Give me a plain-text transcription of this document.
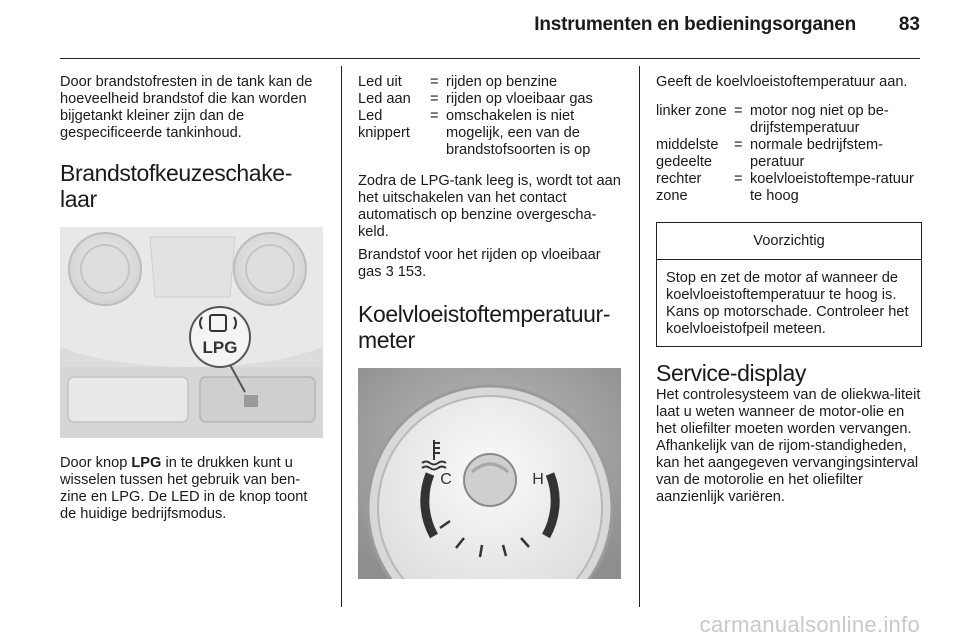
Instrumenten en bedieningsorganen 83

Door brandstofresten in de tank kan de hoeveelheid brandstof die kan worden bijgetankt kleiner zijn dan de gespecificeerde tankinhoud.

Brandstofkeuzeschake-
laar
LPG

Door knop LPG in te drukken kunt u wisselen tussen het gebruik van ben-zine en LPG. De LED in de knop toont de huidige bedrijfsmodus.

Led uit	= rijden op benzine
Led aan	= rijden op vloeibaar gas
Led knippert
= omschakelen is niet mogelijk, een van de brandstofsoorten is op

Zodra de LPG-tank leeg is, wordt tot aan het uitschakelen van het contact automatisch op benzine overgescha-keld.

Brandstof voor het rijden op vloeibaar gas 3 153.

Koelvloeistoftemperatuur-
meter
C	H

Geeft de koelvloeistoftemperatuur aan.

linker zone = motor nog niet op be-drijfstemperatuur
middelste gedeelte
= normale bedrijfstem-peratuur
rechter zone
= koelvloeistoftempe-ratuur te hoog
Voorzichtig
Stop en zet de motor af wanneer de koelvloeistoftemperatuur te hoog is. Kans op motorschade. Controleer het koelvloeistofpeil meteen.
Service-display

Het controlesysteem van de oliekwa-liteit laat u weten wanneer de motor-olie en het oliefilter moeten worden vervangen. Afhankelijk van de rijom-standigheden, kan het aangegeven vervangingsinterval van de motorolie en het oliefilter aanzienlijk variëren.

carmanualsonline.info
